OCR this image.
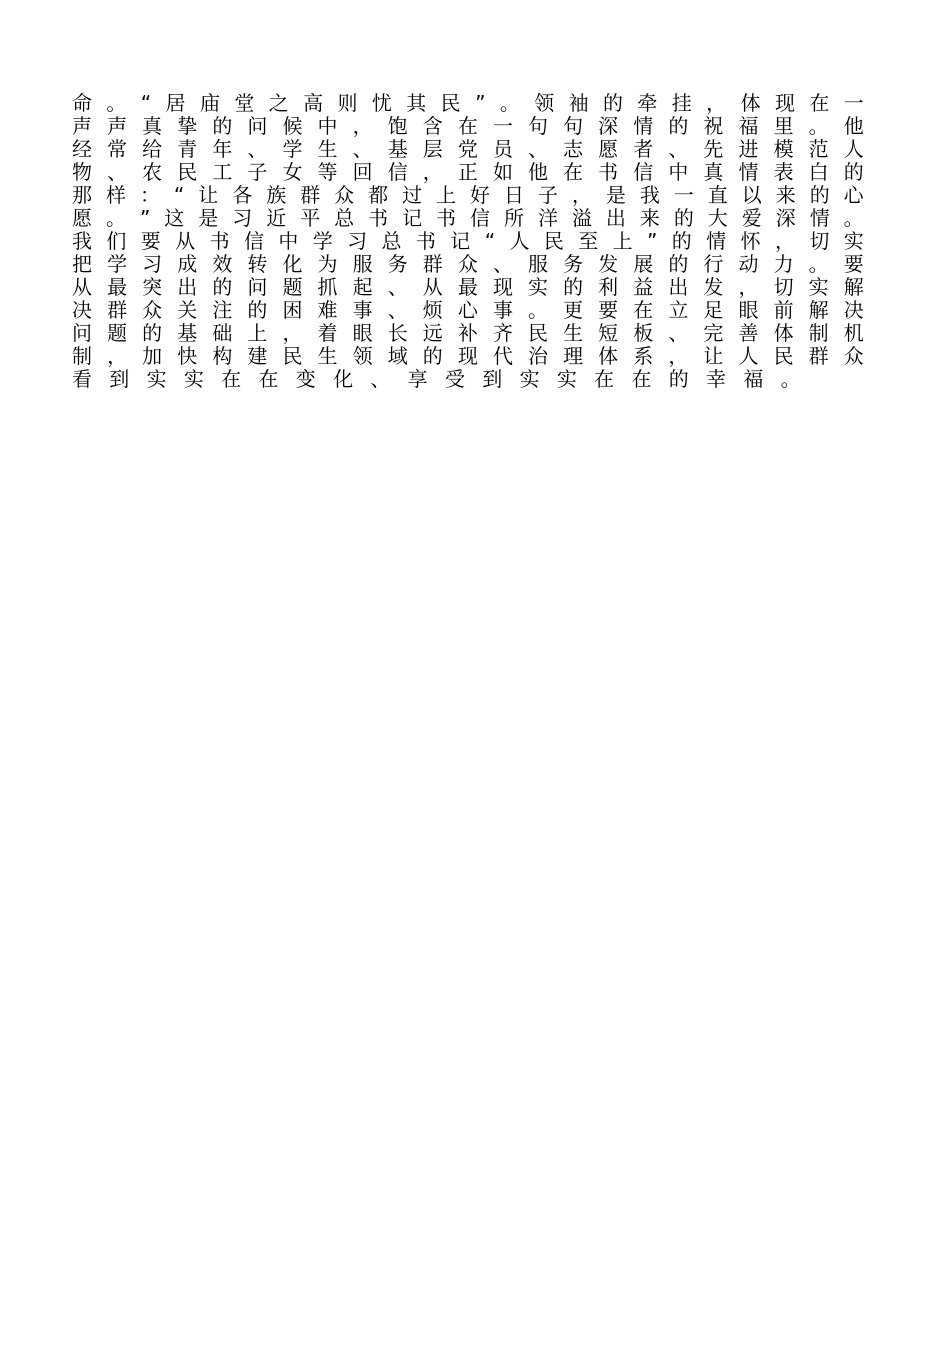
命 。 “ 居 庙 堂 之 高 则 忧 其 民 ” 。 领 袖 的 牵 挂 ， 体 现 在 一
声 声 真 挚 的 问 候 中 ， 饱 含 在 一 句 句 深 情 的 祝 福 里 。 他
经 常 给 青 年 、 学 生 、 基 层 党 员 、 志 愿 者 、 先 进 模 范 人
物 、 农 民 工 子 女 等 回 信 ， 正 如 他 在 书 信 中 真 情 表 白 的
那 样 ： “ 让 各 族 群 众 都 过 上 好 日 子 ， 是 我 一 直 以 来 的 心
愿 。 ” 这 是 习 近 平 总 书 记 书 信 所 洋 溢 出 来 的 大 爱 深 情 。
我 们 要 从 书 信 中 学 习 总 书 记 “ 人 民 至 上 ” 的 情 怀 ， 切 实
把 学 习 成 效 转 化 为 服 务 群 众 、 服 务 发 展 的 行 动 力 。 要
从 最 突 出 的 问 题 抓 起 、 从 最 现 实 的 利 益 出 发 ， 切 实 解
决 群 众 关 注 的 困 难 事 、 烦 心 事 。 更 要 在 立 足 眼 前 解 决
问 题 的 基 础 上 ， 着 眼 长 远 补 齐 民 生 短 板 、 完 善 体 制 机
制 ， 加 快 构 建 民 生 领 域 的 现 代 治 理 体 系 ， 让 人 民 群 众
看 到 实 实 在 在 变 化 、 享 受 到 实 实 在 在 的 幸 福 。
